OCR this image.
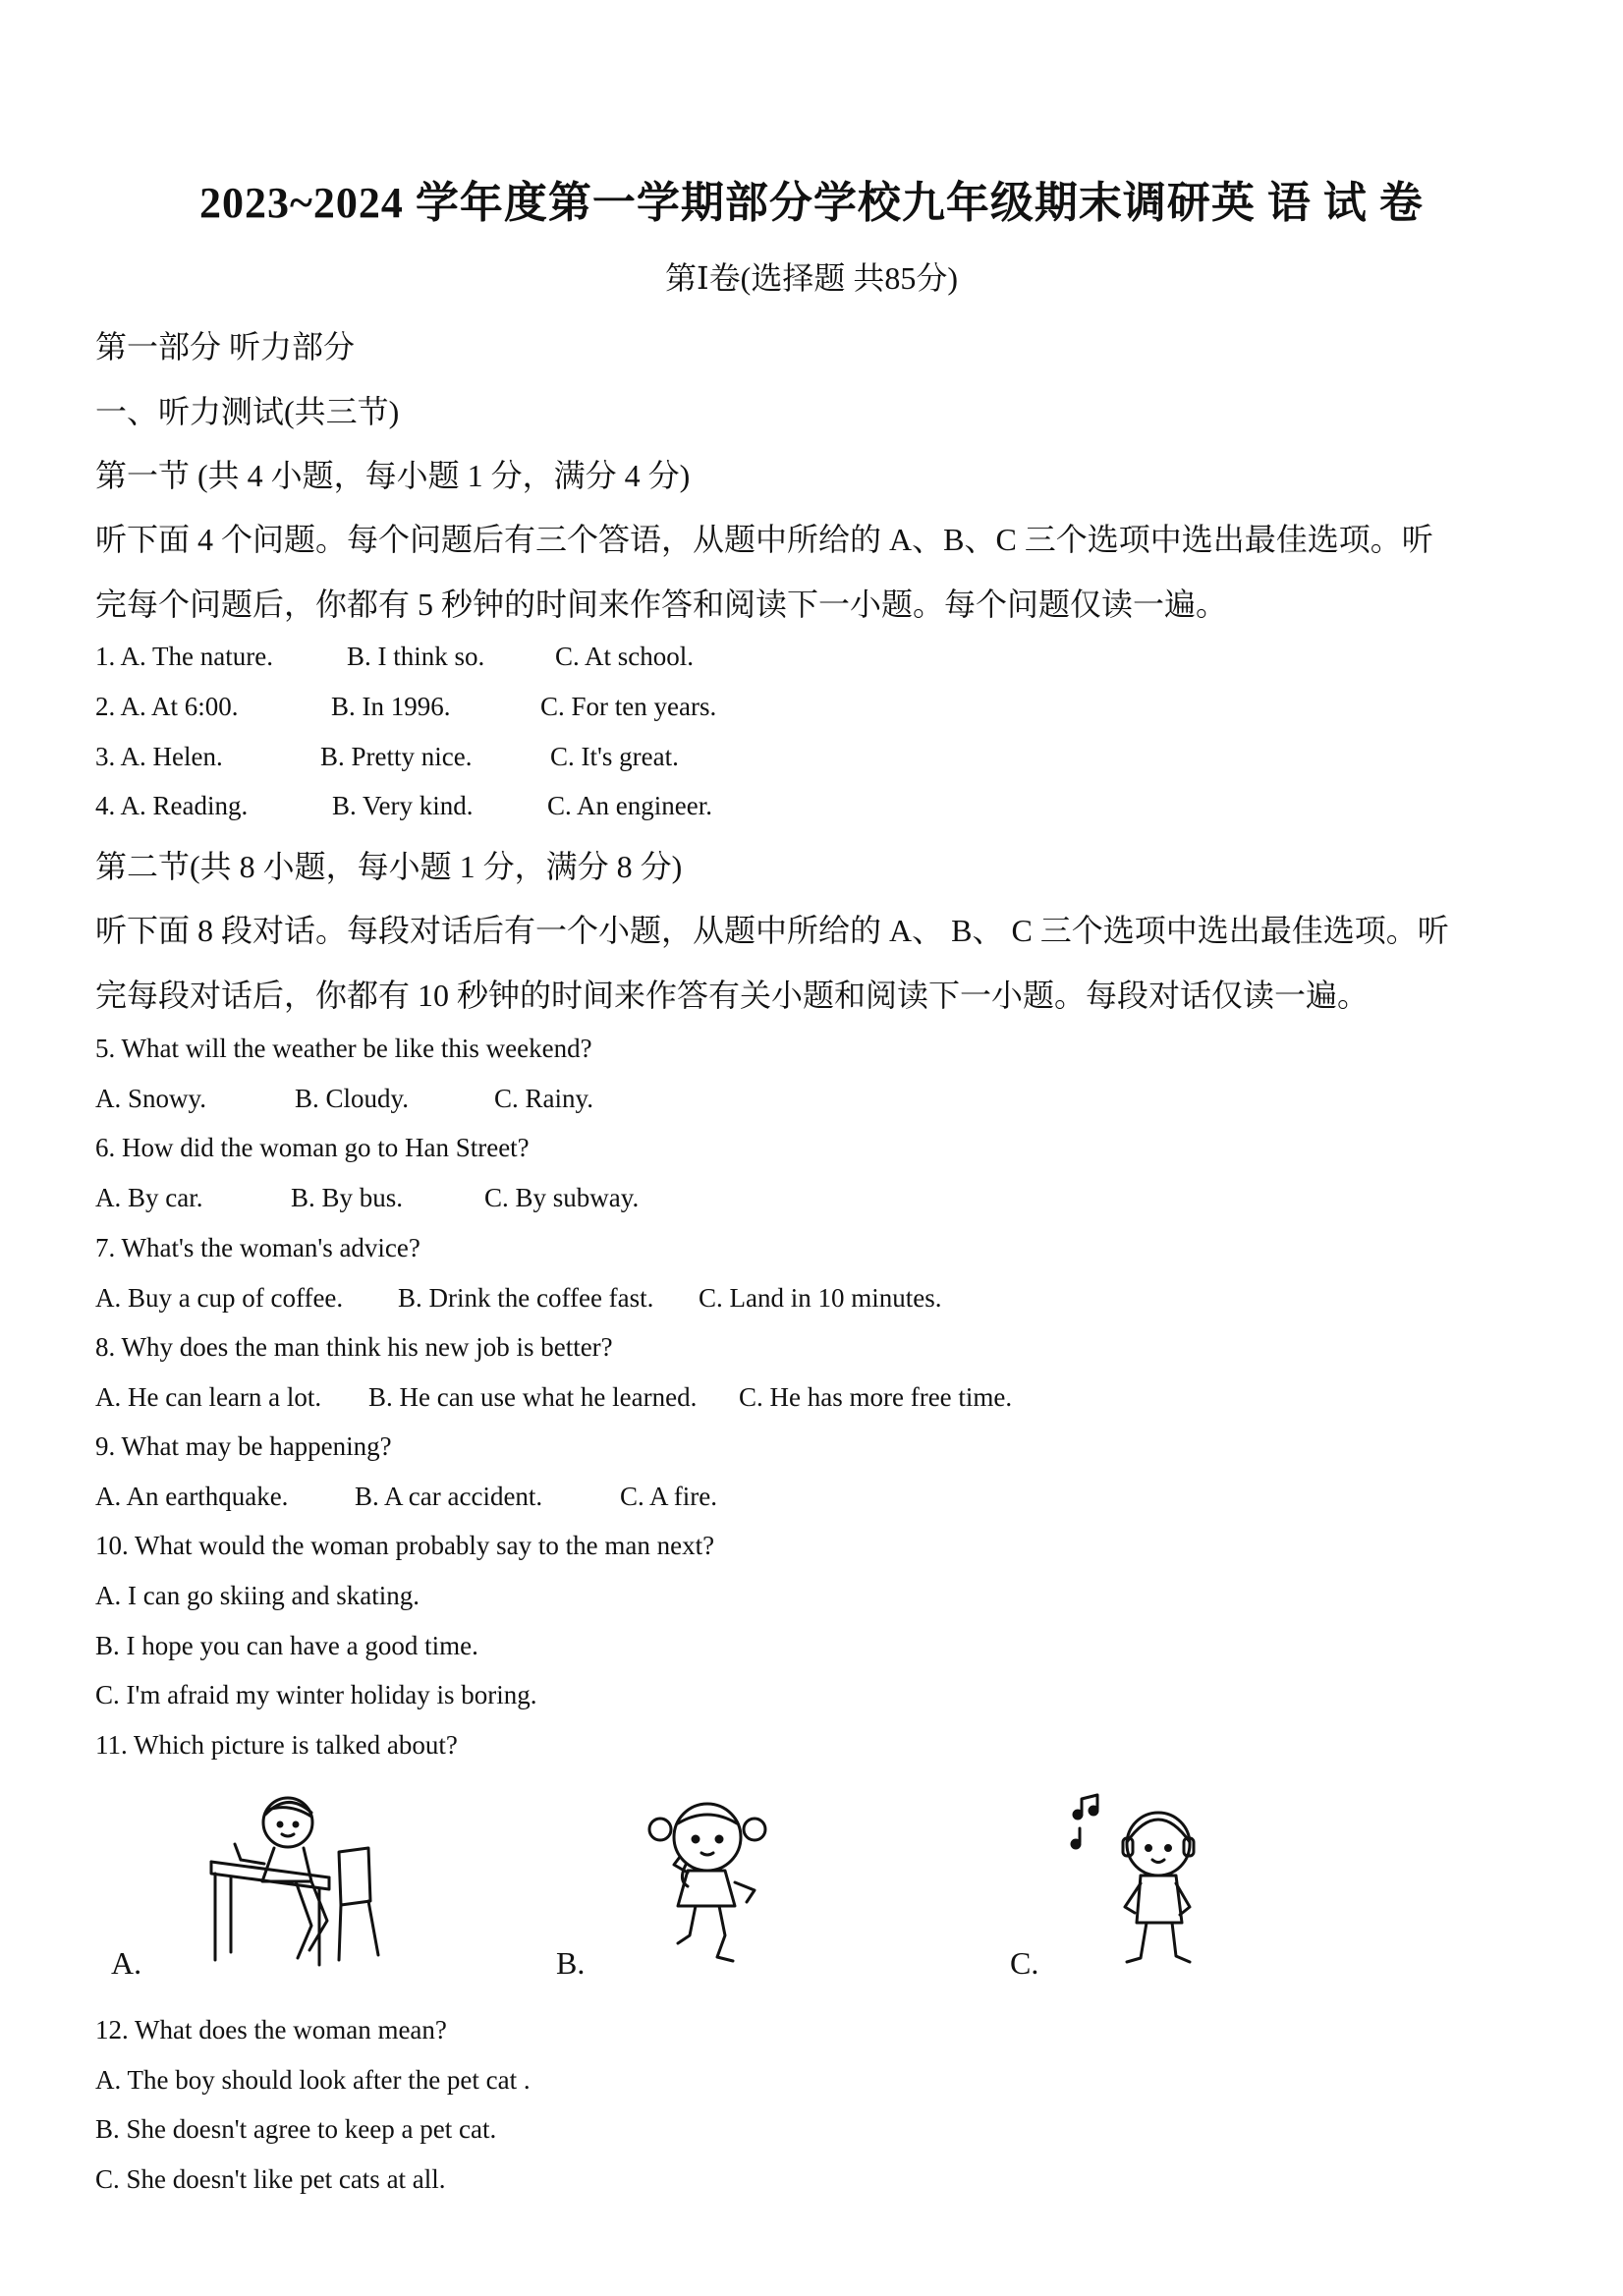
2023~2024 学年度第一学期部分学校九年级期末调研英 语 试 卷
第Ⅰ卷(选择题 共85分)
第一部分 听力部分
一、听力测试(共三节)
第一节 (共 4 小题，每小题 1 分，满分 4 分)
听下面 4 个问题。每个问题后有三个答语，从题中所给的 A、B、C 三个选项中选出最佳选项。听
完每个问题后，你都有 5 秒钟的时间来作答和阅读下一小题。每个问题仅读一遍。
1. A. The nature.	B. I think so.	C. At school.
2. A. At 6:00.	B. In 1996.	C. For ten years.
3. A. Helen.	B. Pretty nice.	C. It's great.
4. A. Reading.	B. Very kind.	C. An engineer.
第二节(共 8 小题，每小题 1 分，满分 8 分)
听下面 8 段对话。每段对话后有一个小题，从题中所给的 A、 B、 C 三个选项中选出最佳选项。听
完每段对话后，你都有 10 秒钟的时间来作答有关小题和阅读下一小题。每段对话仅读一遍。
5. What will the weather be like this weekend?
A. Snowy.	B. Cloudy.	C. Rainy.
6. How did the woman go to Han Street?
A. By car.	B. By bus.	C. By subway.
7. What's the woman's advice?
A. Buy a cup of coffee. B. Drink the coffee fast. C. Land in 10 minutes.
8. Why does the man think his new job is better?
A. He can learn a lot. B. He can use what he learned. C. He has more free time.
9. What may be happening?
A. An earthquake.	B. A car accident.	C. A fire.
10. What would the woman probably say to the man next?
A. I can go skiing and skating.
B. I hope you can have a good time.
C. I'm afraid my winter holiday is boring.
11. Which picture is talked about?
A.	B.	C.
12. What does the woman mean?
A. The boy should look after the pet cat .
B. She doesn't agree to keep a pet cat.
C. She doesn't like pet cats at all.
